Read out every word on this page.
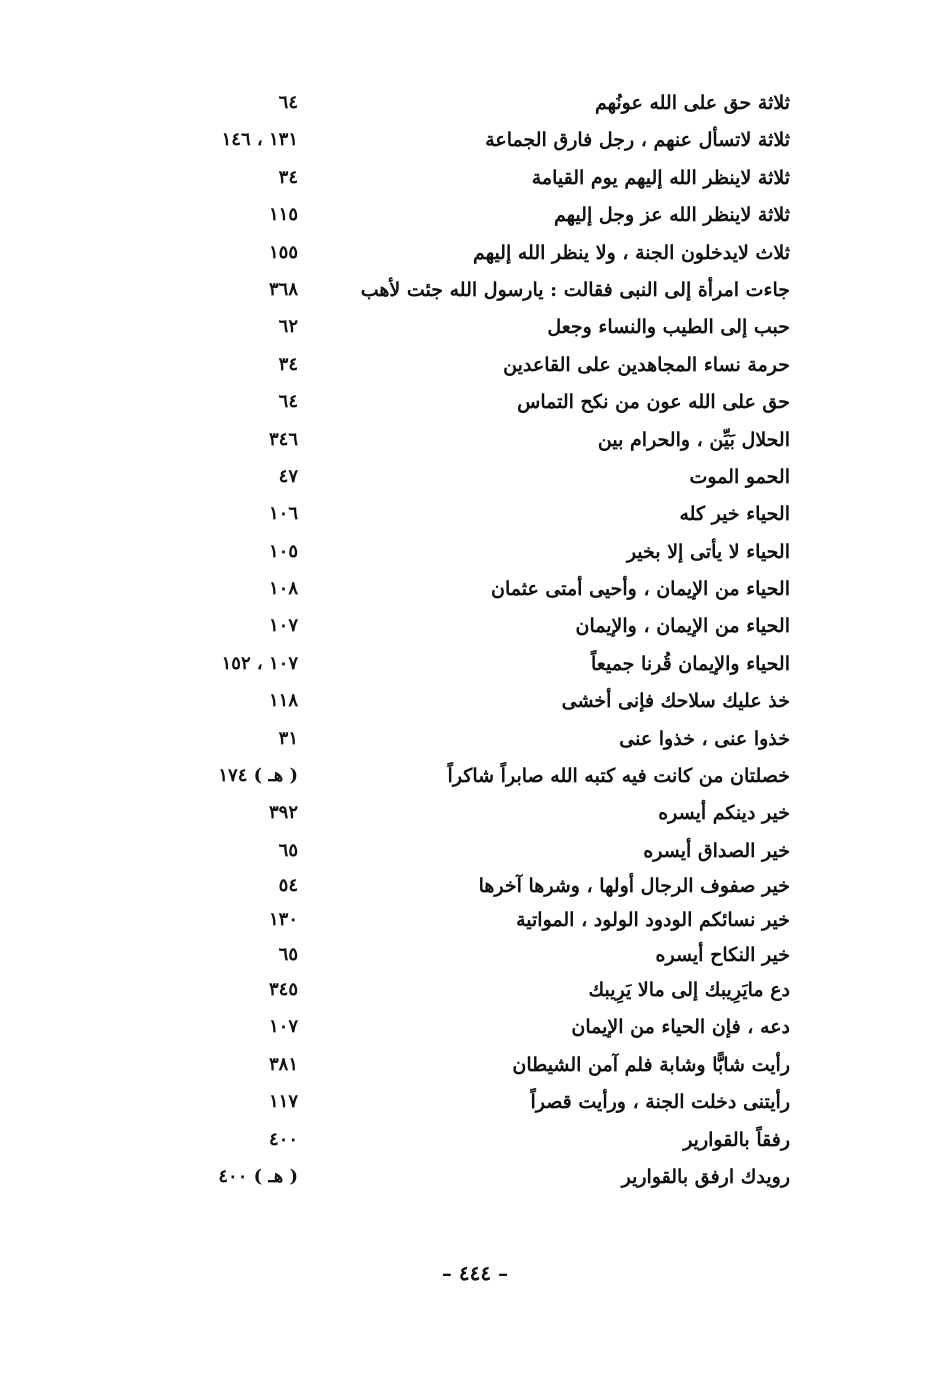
ثلاثة حق على الله عونُهم
٦٤
ثلاثة لاتسأل عنهم ، رجل فارق الجماعة
١٣١ ، ١٤٦
ثلاثة لاينظر الله إليهم يوم القيامة
٣٤
ثلاثة لاينظر الله عز وجل إليهم
١١٥
ثلاث لايدخلون الجنة ، ولا ينظر الله إليهم
١٥٥
جاءت امرأة إلى النبى فقالت : يارسول الله جئت لأهب
٣٦٨
حبب إلى الطيب والنساء وجعل
٦٢
حرمة نساء المجاهدين على القاعدين
٣٤
حق على الله عون من نكح التماس
٦٤
الحلال بَيِّن ، والحرام بين
٣٤٦
الحمو الموت
٤٧
الحياء خير كله
١٠٦
الحياء لا يأتى إلا بخير
١٠٥
الحياء من الإيمان ، وأحيى أمتى عثمان
١٠٨
الحياء من الإيمان ، والإيمان
١٠٧
الحياء والإيمان قُرنا جميعاً
١٠٧ ، ١٥٢
خذ عليك سلاحك فإنى أخشى
١١٨
خذوا عنى ، خذوا عنى
٣١
خصلتان من كانت فيه كتبه الله صابراً شاكراً
( هـ ) ١٧٤
خير دينكم أيسره
٣٩٢
خير الصداق أيسره
٦٥
خير صفوف الرجال أولها ، وشرها آخرها
٥٤
خير نسائكم الودود الولود ، المواتية
١٣٠
خير النكاح أيسره
٦٥
دع مايَرِيبك إلى مالا يَرِيبك
٣٤٥
دعه ، فإن الحياء من الإيمان
١٠٧
رأيت شابًّا وشابة فلم آمن الشيطان
٣٨١
رأيتنى دخلت الجنة ، ورأيت قصراً
١١٧
رفقاً بالقوارير
٤٠٠
رويدك ارفق بالقوارير
( هـ ) ٤٠٠
– ٤٤٤ –
